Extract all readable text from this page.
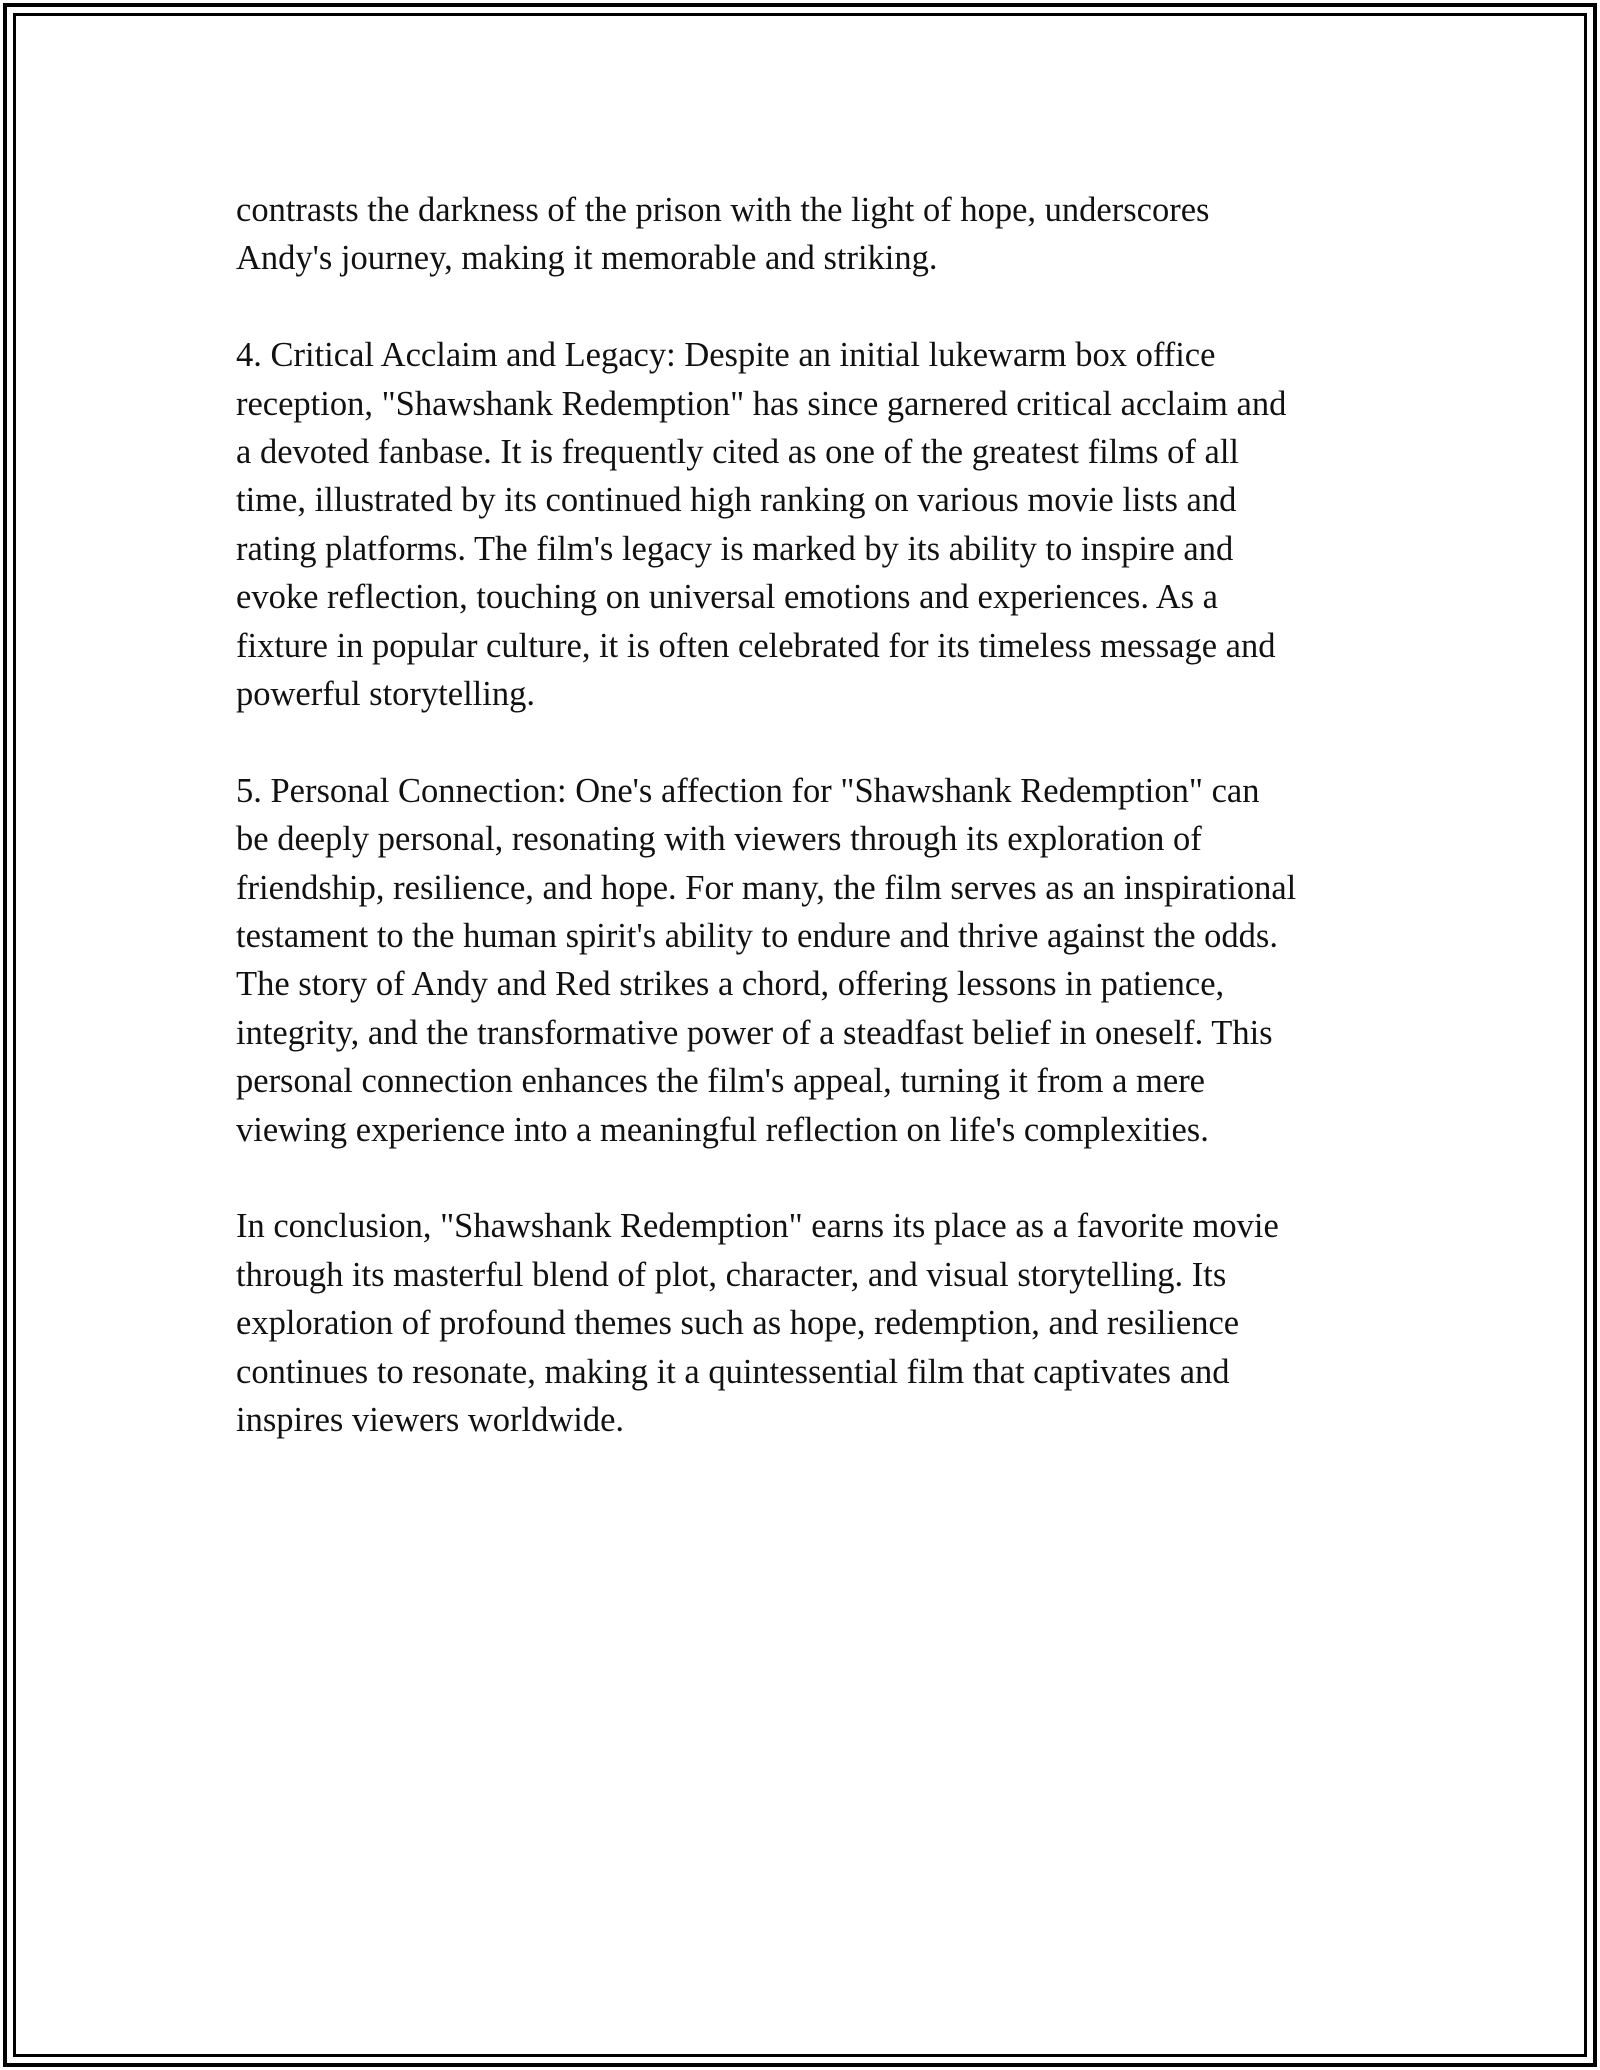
contrasts the darkness of the prison with the light of hope, underscores
Andy's journey, making it memorable and striking.

4. Critical Acclaim and Legacy: Despite an initial lukewarm box office
reception, "Shawshank Redemption" has since garnered critical acclaim and
a devoted fanbase. It is frequently cited as one of the greatest films of all
time, illustrated by its continued high ranking on various movie lists and
rating platforms. The film's legacy is marked by its ability to inspire and
evoke reflection, touching on universal emotions and experiences. As a
fixture in popular culture, it is often celebrated for its timeless message and
powerful storytelling.

5. Personal Connection: One's affection for "Shawshank Redemption" can
be deeply personal, resonating with viewers through its exploration of
friendship, resilience, and hope. For many, the film serves as an inspirational
testament to the human spirit's ability to endure and thrive against the odds.
The story of Andy and Red strikes a chord, offering lessons in patience,
integrity, and the transformative power of a steadfast belief in oneself. This
personal connection enhances the film's appeal, turning it from a mere
viewing experience into a meaningful reflection on life's complexities.

In conclusion, "Shawshank Redemption" earns its place as a favorite movie
through its masterful blend of plot, character, and visual storytelling. Its
exploration of profound themes such as hope, redemption, and resilience
continues to resonate, making it a quintessential film that captivates and
inspires viewers worldwide.
